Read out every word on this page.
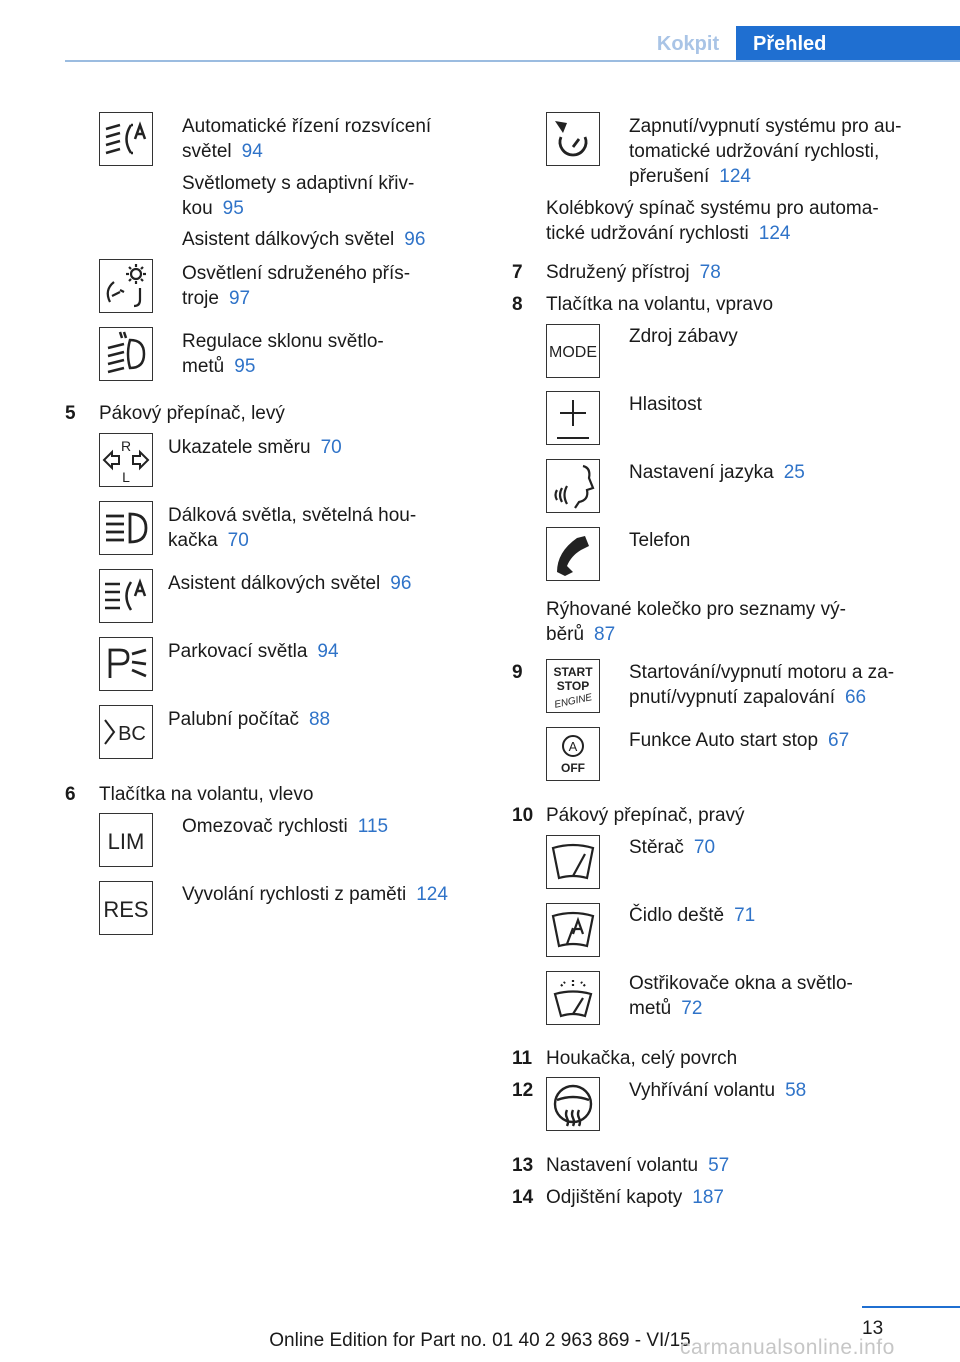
Kokpit	Přehled
Automatické řízení rozsvícení
světel 94
Světlomety s adaptivní křiv-
kou 95
Asistent dálkových světel 96
Osvětlení sdruženého přís-
troje 97
Regulace sklonu světlo-
metů 95
5 Pákový přepínač, levý
R
L
Ukazatele směru 70
Dálková světla, světelná hou-
kačka 70
Asistent dálkových světel 96
Parkovací světla 94
BC
Palubní počítač 88
6 Tlačítka na volantu, vlevo
LIM
Omezovač rychlosti 115
RES
Vyvolání rychlosti z paměti 124
Zapnutí/vypnutí systému pro au-
tomatické udržování rychlosti,
přerušení 124
Kolébkový spínač systému pro automa-
tické udržování rychlosti 124
7 Sdružený přístroj 78
8 Tlačítka na volantu, vpravo
MODE
Zdroj zábavy
Hlasitost
Nastavení jazyka 25
Telefon
Rýhované kolečko pro seznamy vý-
běrů 87
9	START
STOP
ENGINE
Startování/vypnutí motoru a za-
pnutí/vypnutí zapalování 66
A
OFF
Funkce Auto start stop 67
10 Pákový přepínač, pravý
Stěrač 70
Čidlo deště 71
Ostřikovače okna a světlo-
metů 72
11 Houkačka, celý povrch
12	Vyhřívání volantu 58
13 Nastavení volantu 57
14 Odjištění kapoty 187
13
Online Edition for Part no. 01 40 2 963 869 - VI/15
carmanualsonline.info
